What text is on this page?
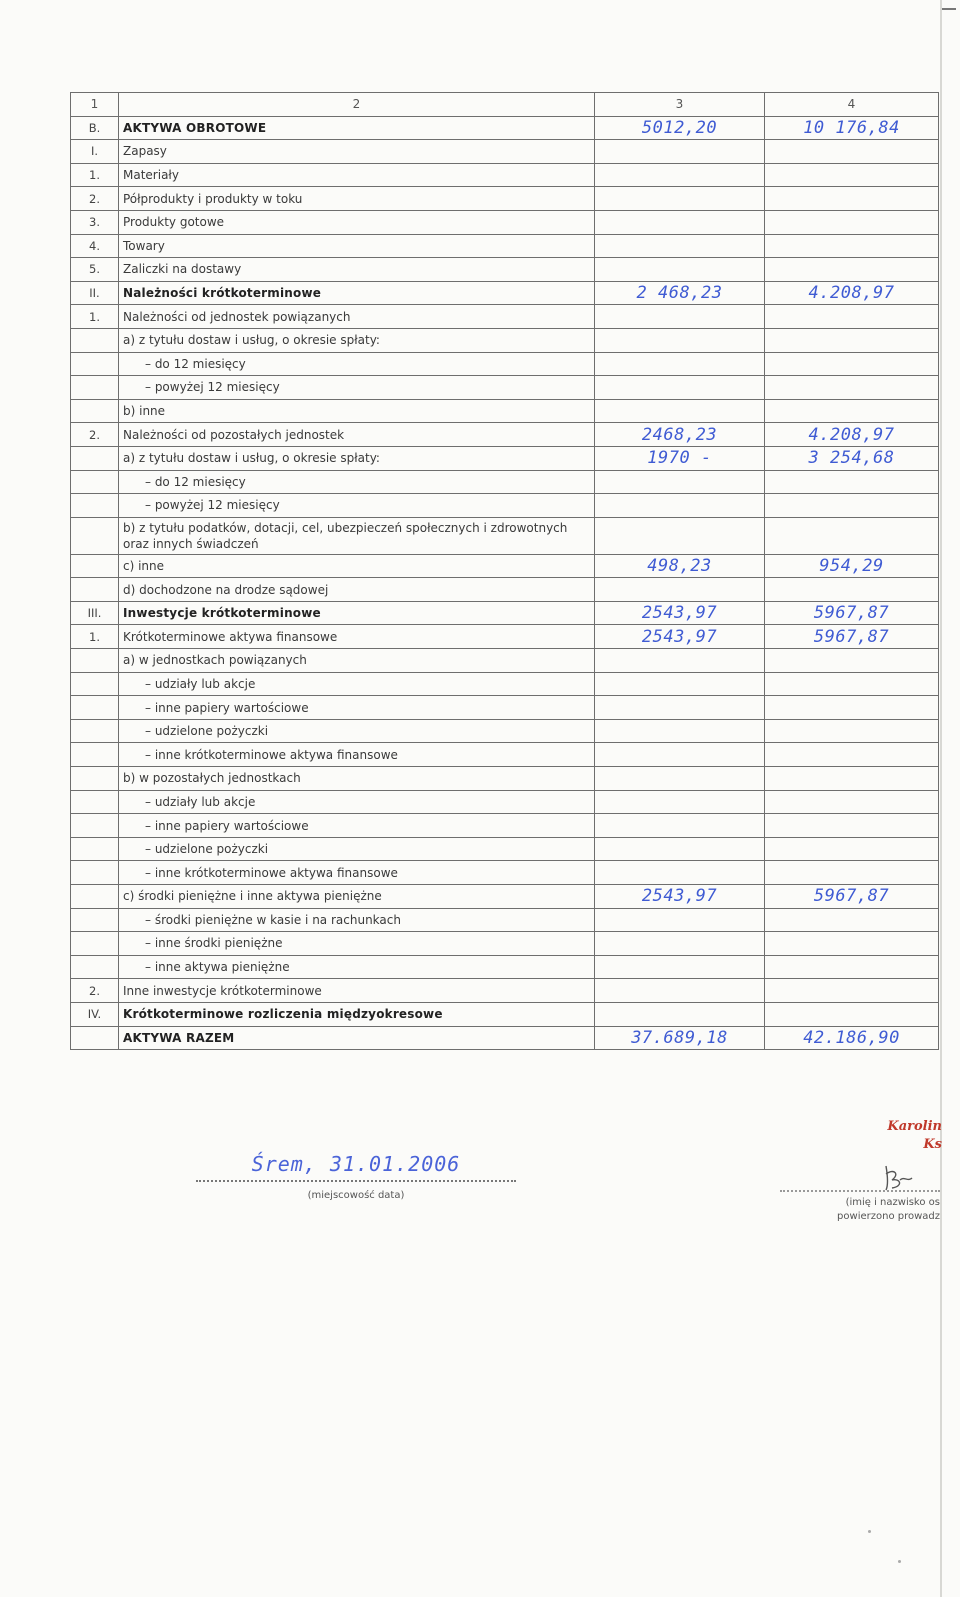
1	2	3	4
B.	AKTYWA OBROTOWE	5012,20	10 176,84
I.	Zapasy		
1.	Materiały		
2.	Półprodukty i produkty w toku		
3.	Produkty gotowe		
4.	Towary		
5.	Zaliczki na dostawy		
II.	Należności krótkoterminowe	2 468,23	4.208,97
1.	Należności od jednostek powiązanych		
	a) z tytułu dostaw i usług, o okresie spłaty:		
	– do 12 miesięcy		
	– powyżej 12 miesięcy		
	b) inne		
2.	Należności od pozostałych jednostek	2468,23	4.208,97
	a) z tytułu dostaw i usług, o okresie spłaty:	1970 -	3 254,68
	– do 12 miesięcy		
	– powyżej 12 miesięcy		
	b) z tytułu podatków, dotacji, cel, ubezpieczeń społecznych i zdrowotnych oraz innych świadczeń		
	c) inne	498,23	954,29
	d) dochodzone na drodze sądowej		
III.	Inwestycje krótkoterminowe	2543,97	5967,87
1.	Krótkoterminowe aktywa finansowe	2543,97	5967,87
	a) w jednostkach powiązanych		
	– udziały lub akcje		
	– inne papiery wartościowe		
	– udzielone pożyczki		
	– inne krótkoterminowe aktywa finansowe		
	b) w pozostałych jednostkach		
	– udziały lub akcje		
	– inne papiery wartościowe		
	– udzielone pożyczki		
	– inne krótkoterminowe aktywa finansowe		
	c) środki pieniężne i inne aktywa pieniężne	2543,97	5967,87
	– środki pieniężne w kasie i na rachunkach		
	– inne środki pieniężne		
	– inne aktywa pieniężne		
2.	Inne inwestycje krótkoterminowe		
IV.	Krótkoterminowe rozliczenia międzyokresowe		
	AKTYWA RAZEM	37.689,18	42.186,90
Śrem, 31.01.2006
(miejscowość data)
Karolin
Ks
(imię i nazwisko os
powierzono prowadz
